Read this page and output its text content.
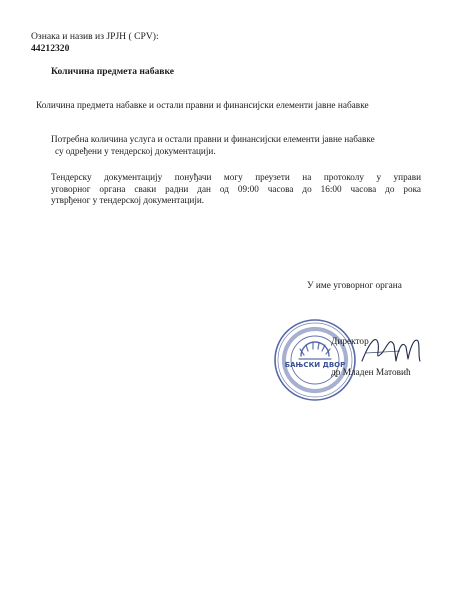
Ознака и назив из ЈРЈН ( CPV):
44212320
Количина предмета набавке
Количина предмета набавке и остали правни и финансијски елементи јавне набавке
Потребна количина услуга и остали правни и финансијски елементи јавне набавке
су одређени у тендерској документацији.
Тендерску документацију понуђачи могу преузети на протоколу у управи
уговорног органа сваки радни дан од 09:00 часова до 16:00 часова до рока
утврђеног у тендерској документацији.
У име уговорног органа
БАЊСКИ ДВОР
Директор
др Младен Матовић
